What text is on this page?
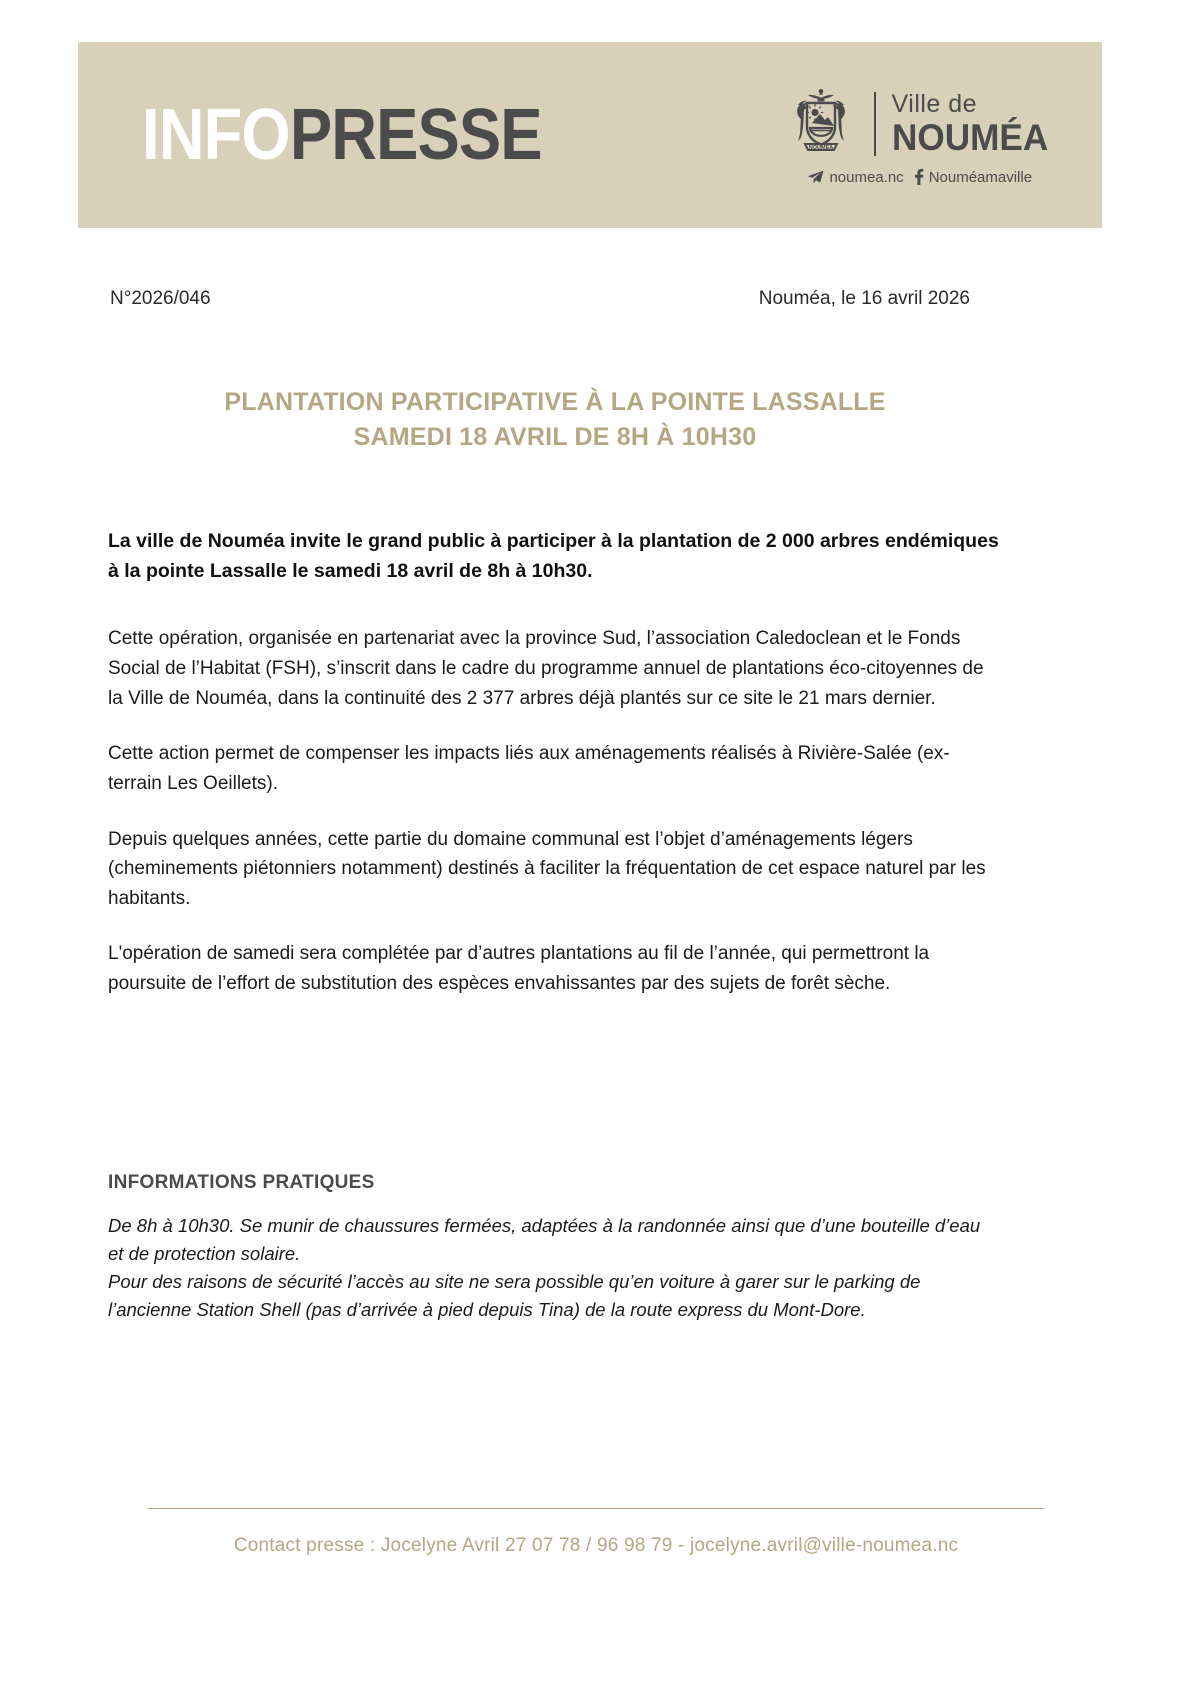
INFOPRESSE	NOUMEA
Ville de
NOUMÉA
noumea.nc Nouméamaville
N°2026/046	Nouméa, le 16 avril 2026
PLANTATION PARTICIPATIVE À LA POINTE LASSALLE
SAMEDI 18 AVRIL DE 8H À 10H30

La ville de Nouméa invite le grand public à participer à la plantation de 2 000 arbres endémiques à la pointe Lassalle le samedi 18 avril de 8h à 10h30.

Cette opération, organisée en partenariat avec la province Sud, l’association Caledoclean et le Fonds Social de l’Habitat (FSH), s’inscrit dans le cadre du programme annuel de plantations éco-citoyennes de la Ville de Nouméa, dans la continuité des 2 377 arbres déjà plantés sur ce site le 21 mars dernier.

Cette action permet de compenser les impacts liés aux aménagements réalisés à Rivière-Salée (ex-terrain Les Oeillets).

Depuis quelques années, cette partie du domaine communal est l’objet d’aménagements légers (cheminements piétonniers notamment) destinés à faciliter la fréquentation de cet espace naturel par les habitants.

L'opération de samedi sera complétée par d’autres plantations au fil de l’année, qui permettront la poursuite de l’effort de substitution des espèces envahissantes par des sujets de forêt sèche.

INFORMATIONS PRATIQUES

De 8h à 10h30. Se munir de chaussures fermées, adaptées à la randonnée ainsi que d’une bouteille d’eau et de protection solaire.
Pour des raisons de sécurité l’accès au site ne sera possible qu’en voiture à garer sur le parking de l’ancienne Station Shell (pas d’arrivée à pied depuis Tina) de la route express du Mont-Dore.

Contact presse : Jocelyne Avril 27 07 78 / 96 98 79 - jocelyne.avril@ville-noumea.nc
